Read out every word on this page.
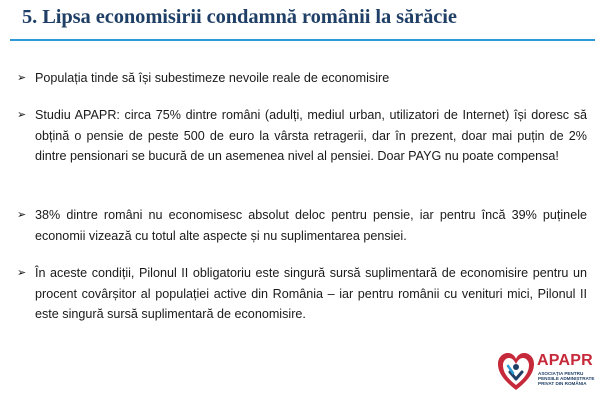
5. Lipsa economisirii condamnă românii la sărăcie
➢ Populația tinde să își subestimeze nevoile reale de economisire
➢ Studiu APAPR: circa 75% dintre români (adulți, mediul urban, utilizatori de Internet) își doresc să obțină o pensie de peste 500 de euro la vârsta retragerii, dar în prezent, doar mai puțin de 2% dintre pensionari se bucură de un asemenea nivel al pensiei. Doar PAYG nu poate compensa!
➢ 38% dintre români nu economisesc absolut deloc pentru pensie, iar pentru încă 39% puținele economii vizează cu totul alte aspecte și nu suplimentarea pensiei.
➢ În aceste condiții, Pilonul II obligatoriu este singură sursă suplimentară de economisire pentru un procent covârșitor al populației active din România – iar pentru românii cu venituri mici, Pilonul II este singură sursă suplimentară de economisire.
APAPR
ASOCIAȚIA PENTRU PENSIILE ADMINISTRATE PRIVAT DIN ROMÂNIA
